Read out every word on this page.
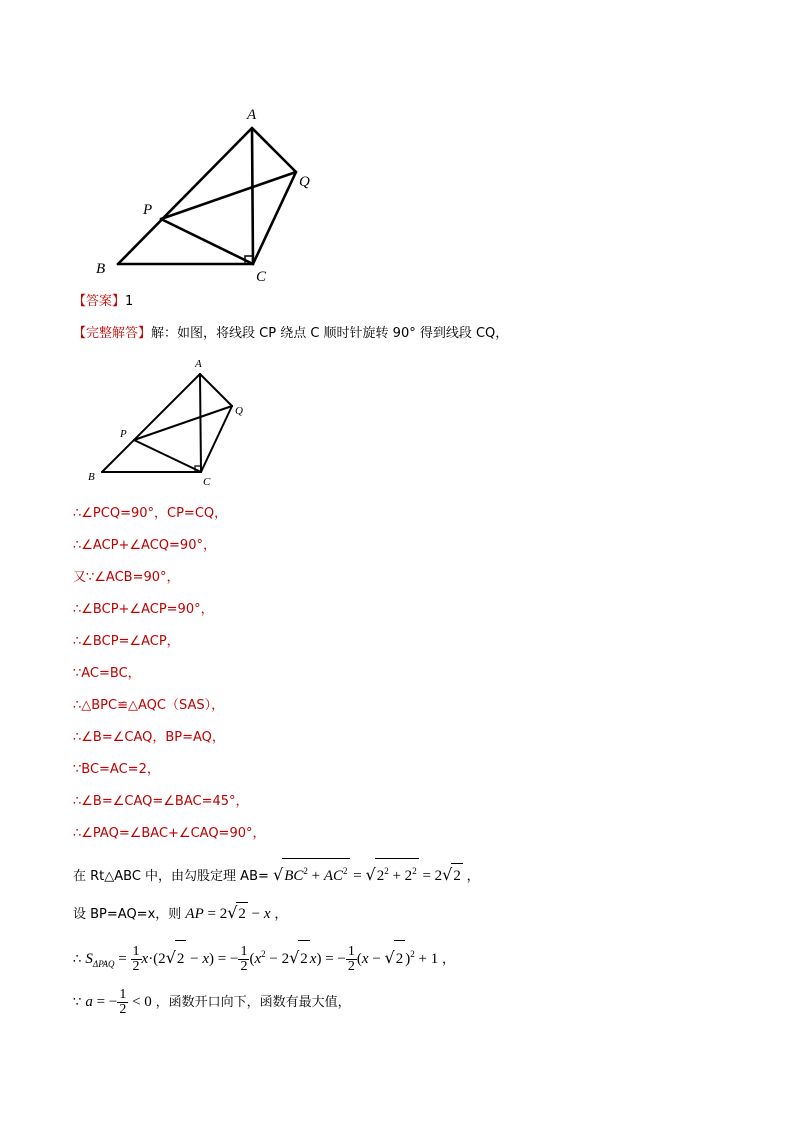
A
B	C
P
Q
【答案】1
【完整解答】解：如图，将线段 CP 绕点 C 顺时针旋转 90° 得到线段 CQ，
A
B	C
P
Q
∴∠PCQ=90°，CP=CQ，
∴∠ACP+∠ACQ=90°，
又∵∠ACB=90°，
∴∠BCP+∠ACP=90°，
∴∠BCP=∠ACP，
∵AC=BC，
∴△BPC≌△AQC（SAS），
∴∠B=∠CAQ，BP=AQ，
∵BC=AC=2，
∴∠B=∠CAQ=∠BAC=45°，
∴∠PAQ=∠BAC+∠CAQ=90°，
在 Rt△ABC 中，由勾股定理 $AB= √BC^2 + AC^2 = √2^2 + 2^2 = 2√2$ ，
设 BP=AQ=x，则 AP = 2√2 − x ，
∴ $S_{\Delta PAQ} = \frac{1}{2} x\cdot(2√2 - x)$ = − $\frac{1}{2} (x^2 - 2√2$ x) = − $\frac{1}{2} (x - √2$ )$^2$ + 1 ，
∵ a = − $\frac{1}{2} < 0$ ，函数开口向下，函数有最大值，
